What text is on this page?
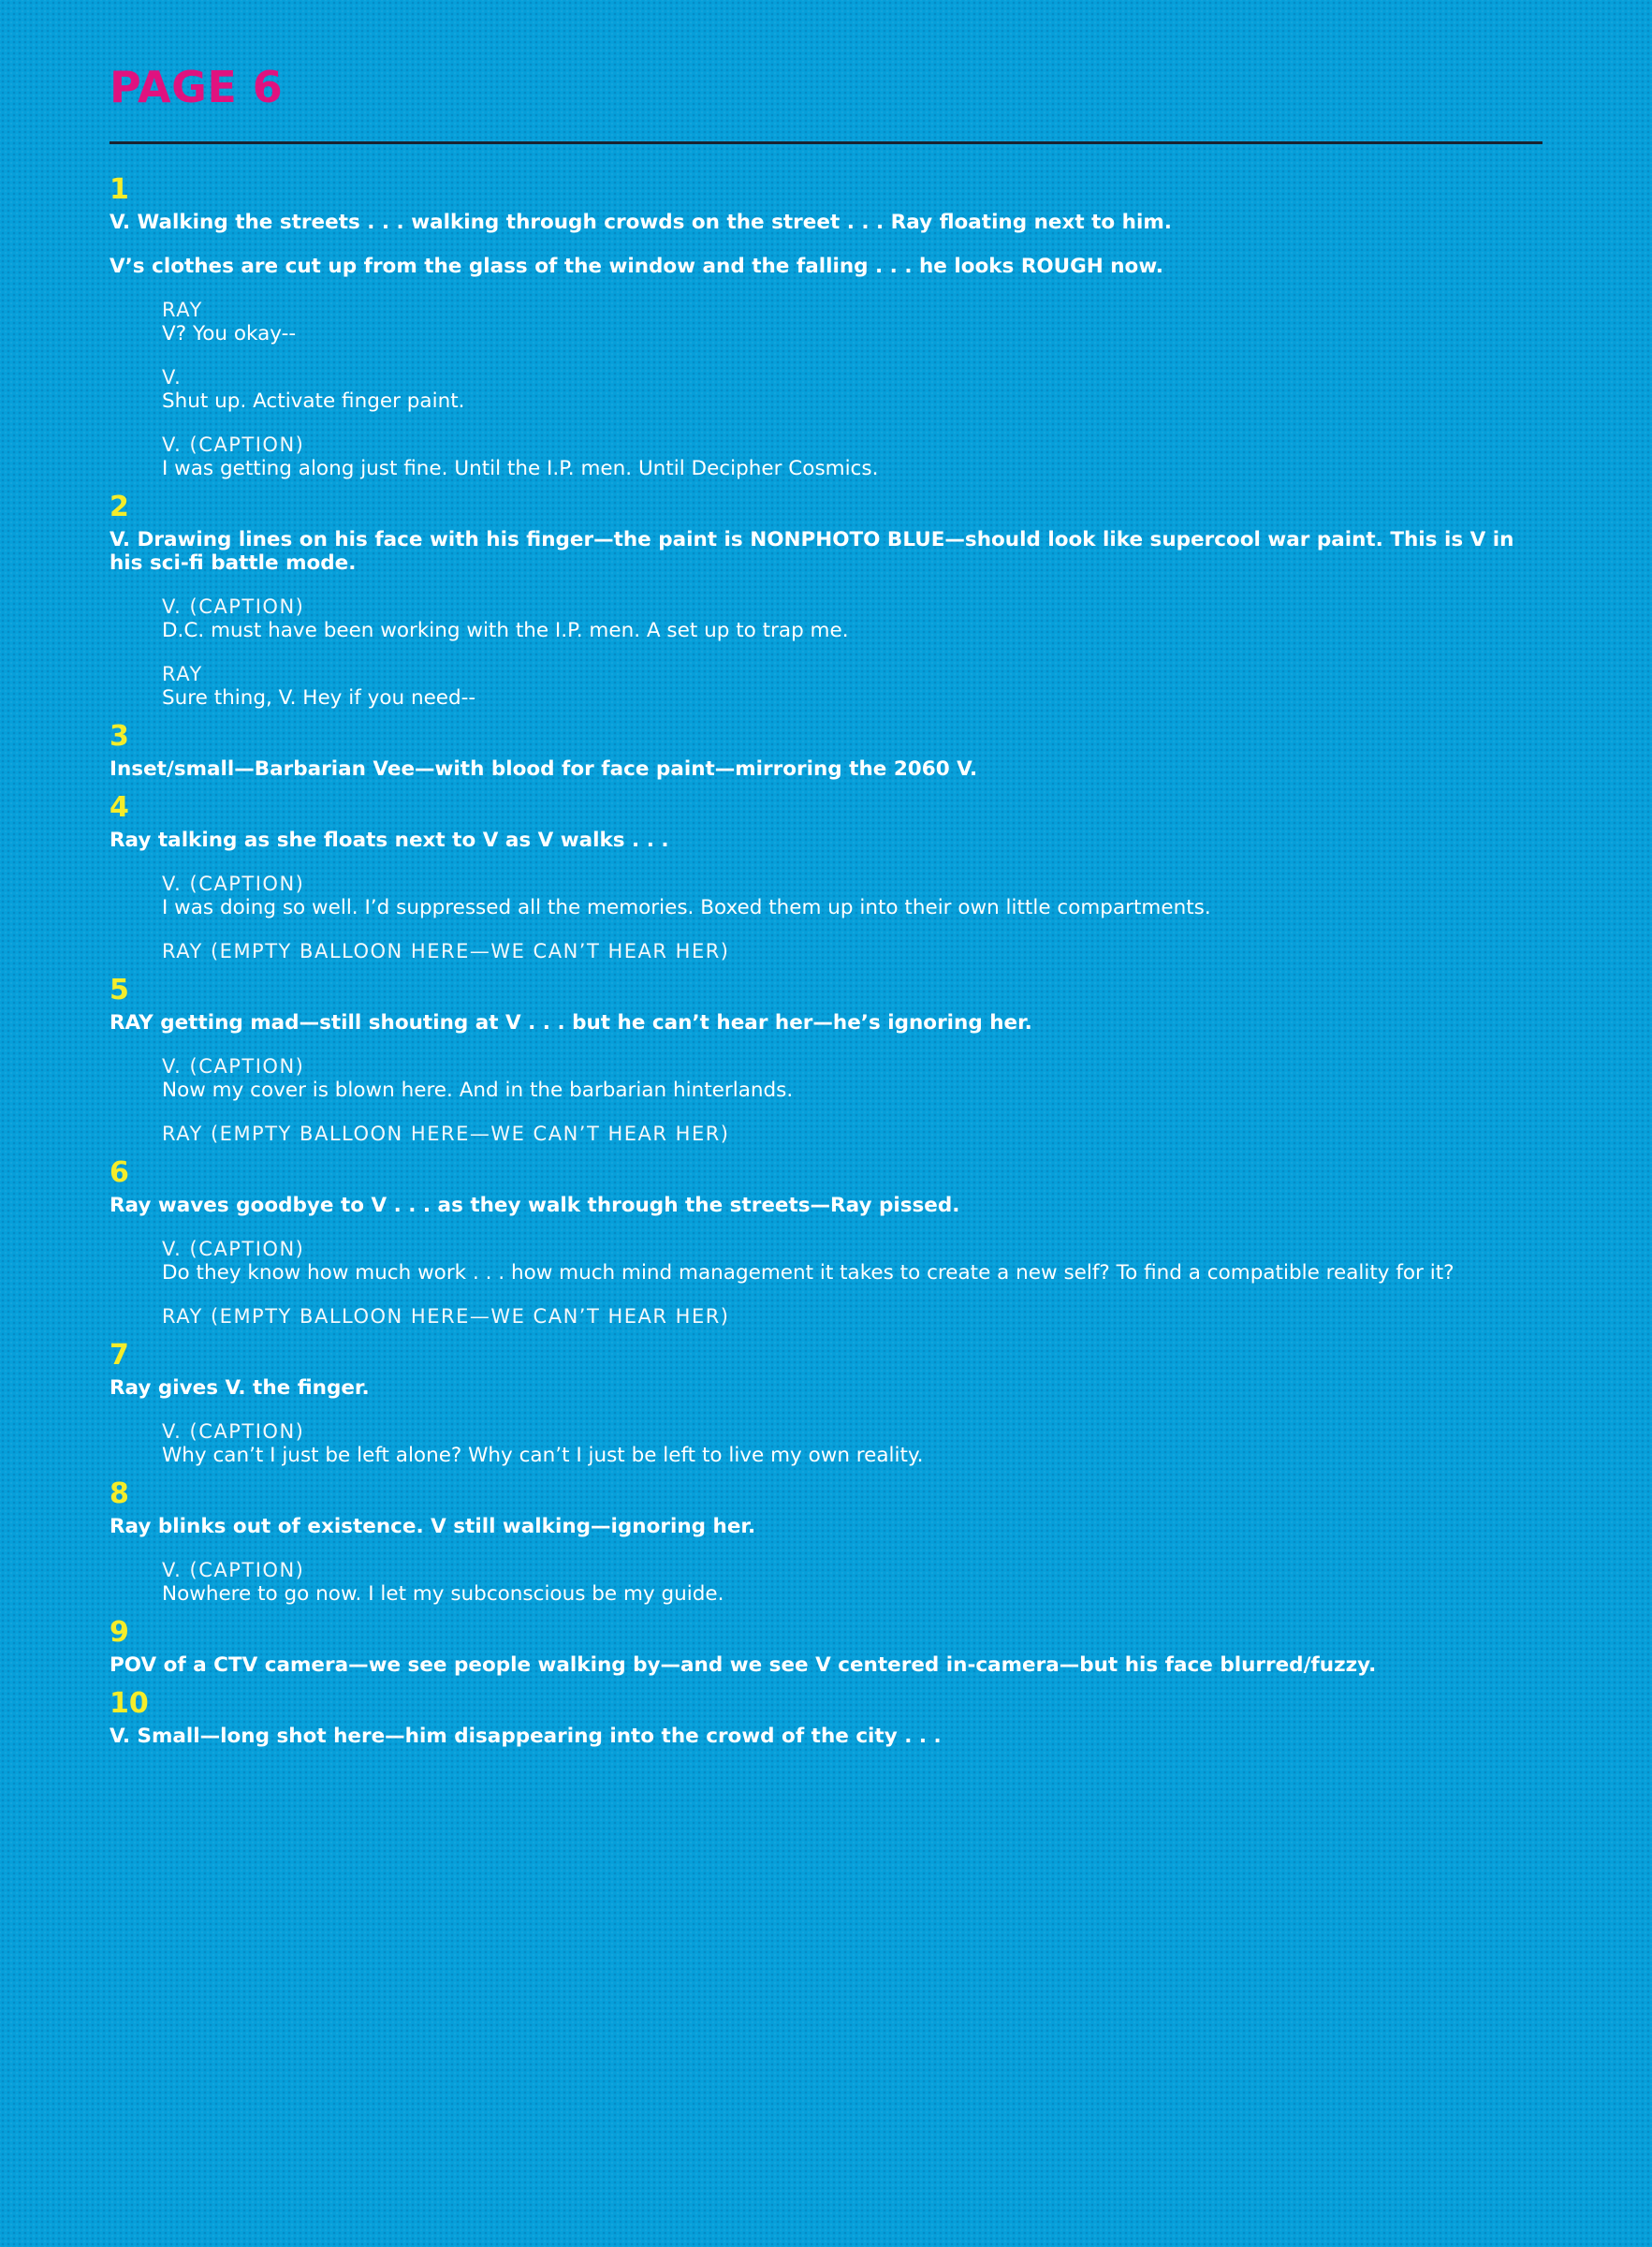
PAGE 6
1
V. Walking the streets . . . walking through crowds on the street . . . Ray floating next to him.
V’s clothes are cut up from the glass of the window and the falling . . . he looks ROUGH now.
RAY
V? You okay--
V.
Shut up. Activate finger paint.
V. (CAPTION)
I was getting along just fine. Until the I.P. men. Until Decipher Cosmics.
2
V. Drawing lines on his face with his finger—the paint is NONPHOTO BLUE—should look like supercool war paint. This is V in his sci-fi battle mode.
V. (CAPTION)
D.C. must have been working with the I.P. men. A set up to trap me.
RAY
Sure thing, V. Hey if you need--
3
Inset/small—Barbarian Vee—with blood for face paint—mirroring the 2060 V.
4
Ray talking as she floats next to V as V walks . . .
V. (CAPTION)
I was doing so well. I’d suppressed all the memories. Boxed them up into their own little compartments.
RAY (EMPTY BALLOON HERE—WE CAN’T HEAR HER)
5
RAY getting mad—still shouting at V . . . but he can’t hear her—he’s ignoring her.
V. (CAPTION)
Now my cover is blown here. And in the barbarian hinterlands.
RAY (EMPTY BALLOON HERE—WE CAN’T HEAR HER)
6
Ray waves goodbye to V . . . as they walk through the streets—Ray pissed.
V. (CAPTION)
Do they know how much work . . . how much mind management it takes to create a new self? To find a compatible reality for it?
RAY (EMPTY BALLOON HERE—WE CAN’T HEAR HER)
7
Ray gives V. the finger.
V. (CAPTION)
Why can’t I just be left alone? Why can’t I just be left to live my own reality.
8
Ray blinks out of existence. V still walking—ignoring her.
V. (CAPTION)
Nowhere to go now. I let my subconscious be my guide.
9
POV of a CTV camera—we see people walking by—and we see V centered in-camera—but his face blurred/fuzzy.
10
V. Small—long shot here—him disappearing into the crowd of the city . . .
